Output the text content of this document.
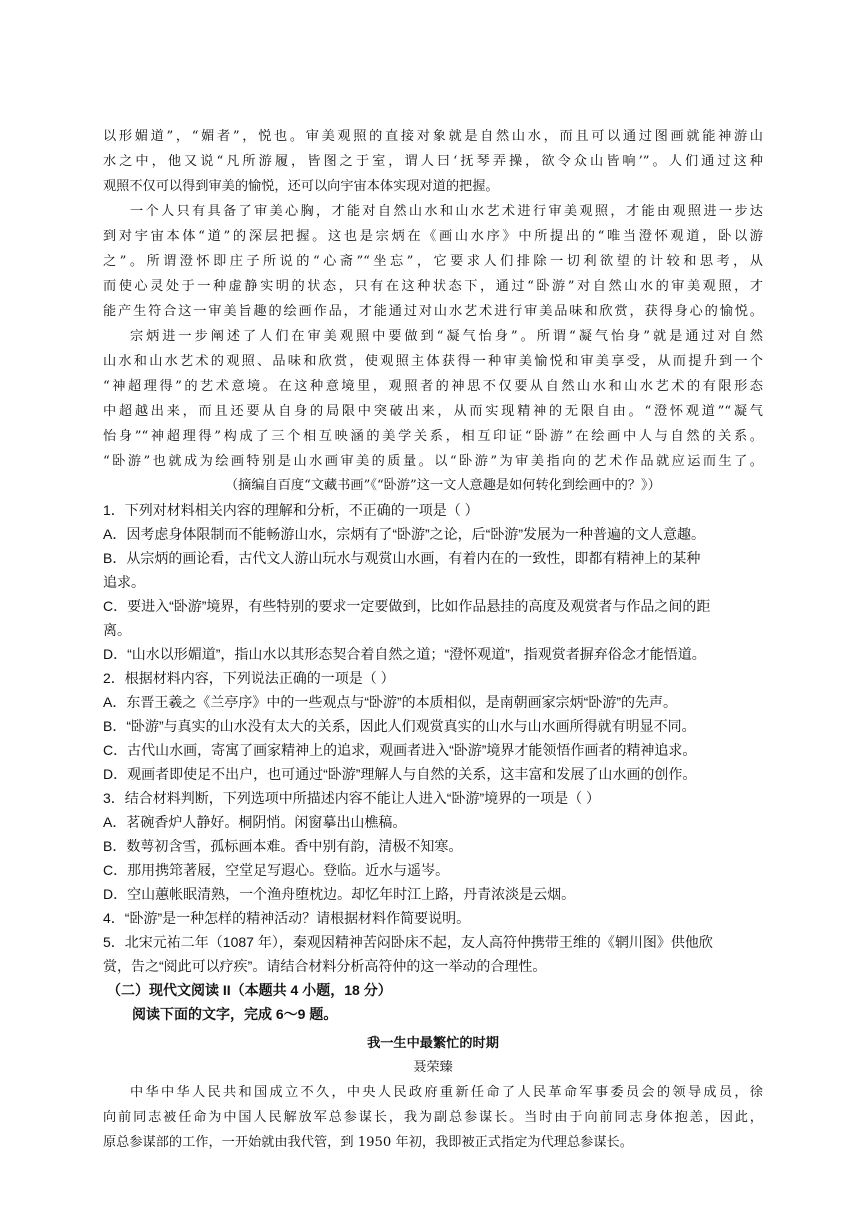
以形媚道”，“媚者”，悦也。审美观照的直接对象就是自然山水，而且可以通过图画就能神游山
水之中，他又说“凡所游履，皆图之于室，谓人曰‘抚琴弄操，欲令众山皆响’”。人们通过这种
观照不仅可以得到审美的愉悦，还可以向宇宙本体实现对道的把握。
一个人只有具备了审美心胸，才能对自然山水和山水艺术进行审美观照，才能由观照进一步达
到对宇宙本体“道”的深层把握。这也是宗炳在《画山水序》中所提出的“唯当澄怀观道，卧以游
之”。所谓澄怀即庄子所说的“心斋”“坐忘”，它要求人们排除一切利欲望的计较和思考，从
而使心灵处于一种虚静实明的状态，只有在这种状态下，通过“卧游”对自然山水的审美观照，才
能产生符合这一审美旨趣的绘画作品，才能通过对山水艺术进行审美品味和欣赏，获得身心的愉悦。
宗炳进一步阐述了人们在审美观照中要做到“凝气怡身”。所谓“凝气怡身”就是通过对自然
山水和山水艺术的观照、品味和欣赏，使观照主体获得一种审美愉悦和审美享受，从而提升到一个
“神超理得”的艺术意境。在这种意境里，观照者的神思不仅要从自然山水和山水艺术的有限形态
中超越出来，而且还要从自身的局限中突破出来，从而实现精神的无限自由。“澄怀观道”“凝气
怡身”“神超理得”构成了三个相互映涵的美学关系，相互印证“卧游”在绘画中人与自然的关系。
“卧游”也就成为绘画特别是山水画审美的质量。以“卧游”为审美指向的艺术作品就应运而生了。
（摘编自百度“文藏书画”《“卧游”这一文人意趣是如何转化到绘画中的？》）
1．下列对材料相关内容的理解和分析，不正确的一项是（ ）
A．因考虑身体限制而不能畅游山水，宗炳有了“卧游”之论，后“卧游”发展为一种普遍的文人意趣。
B．从宗炳的画论看，古代文人游山玩水与观赏山水画，有着内在的一致性，即都有精神上的某种
追求。
C．要进入“卧游”境界，有些特别的要求一定要做到，比如作品悬挂的高度及观赏者与作品之间的距
离。
D．“山水以形媚道”，指山水以其形态契合着自然之道；“澄怀观道”，指观赏者摒弃俗念才能悟道。
2．根据材料内容，下列说法正确的一项是（ ）
A．东晋王羲之《兰亭序》中的一些观点与“卧游”的本质相似，是南朝画家宗炳“卧游”的先声。
B．“卧游”与真实的山水没有太大的关系，因此人们观赏真实的山水与山水画所得就有明显不同。
C．古代山水画，寄寓了画家精神上的追求，观画者进入“卧游”境界才能领悟作画者的精神追求。
D．观画者即使足不出户，也可通过“卧游”理解人与自然的关系，这丰富和发展了山水画的创作。
3．结合材料判断，下列选项中所描述内容不能让人进入“卧游”境界的一项是（ ）
A．茗碗香炉人静好。桐阴悄。闲窗摹出山樵稿。
B．数萼初含雪，孤标画本难。香中别有韵，清极不知寒。
C．那用携筇著屐，空堂足写遐心。登临。近水与遥岑。
D．空山蕙帐眠清熟，一个渔舟堕枕边。却忆年时江上路，丹青浓淡是云烟。
4．“卧游”是一种怎样的精神活动？请根据材料作简要说明。
5．北宋元祐二年（1087 年），秦观因精神苦闷卧床不起，友人高符仲携带王维的《辋川图》供他欣
赏，告之“阅此可以疗疾”。请结合材料分析高符仲的这一举动的合理性。
（二）现代文阅读 II（本题共 4 小题，18 分）
阅读下面的文字，完成 6～9 题。
我一生中最繁忙的时期
聂荣臻
中华中华人民共和国成立不久，中央人民政府重新任命了人民革命军事委员会的领导成员，徐
向前同志被任命为中国人民解放军总参谋长，我为副总参谋长。当时由于向前同志身体抱恙，因此，
原总参谋部的工作，一开始就由我代管，到 1950 年初，我即被正式指定为代理总参谋长。
